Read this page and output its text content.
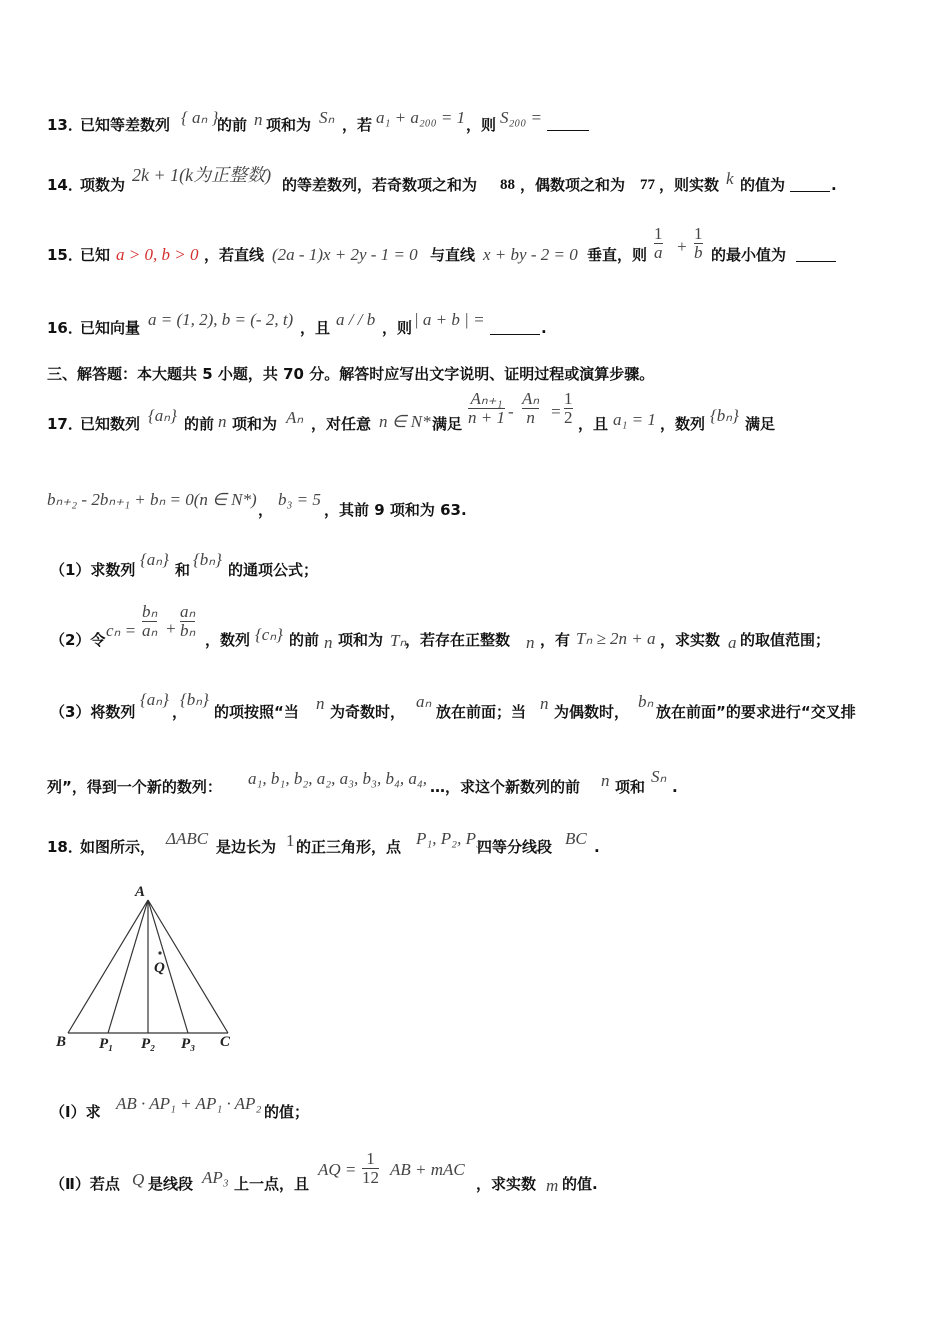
13．
已知等差数列 { aₙ }
的前 n 项和为 Sₙ ，若 a₁ + a₂₀₀ = 1 ，则 S₂₀₀ =
14．
项数为 2k + 1(k为正整数) 的等差数列，若奇数项之和为 88 ，偶数项之和为 77 ，则实数 k 的值为	.
15．
已知 a > 0, b > 0 ，若直线 (2a - 1)x + 2y - 1 = 0 与直线 x + by - 2 = 0 垂直，则 $\frac{1}{a} + \frac{1}{b}$ 的最小值为
16．
已知向量 a = (1, 2), b = (- 2, t) ，且 a / / b ，则 | a + b | =	.
三、解答题：本大题共 5 小题，共 70 分。解答时应写出文字说明、证明过程或演算步骤。
17．
已知数列 {aₙ} 的前 n 项和为 Aₙ ，对任意 n ∈ N* 满足 $\frac{\text{Aₙ₊₁}}{n + 1} - \frac{\text{Aₙ}}{n} = \frac{1}{2}$ ，且 a₁ = 1 ，数列 {bₙ} 满足
bₙ₊₂ - 2bₙ₊₁ + bₙ = 0(n ∈ N*)
，
b₃ = 5
，其前 9 项和为 63.
（1）求数列
{aₙ}
和
{bₙ}
的通项公式；
（2）令 $c_n = \frac{\text{bₙ}}{\text{aₙ}} + \frac{\text{aₙ}}{\text{bₙ}}$ ，数列 {cₙ} 的前 n 项和为 Tₙ
，若存在正整数 n ，有 Tₙ ≥ 2n + a ，求实数 a 的取值范围；
（3）将数列
{aₙ}
，
{bₙ}
的项按照“当 n 为奇数时，
aₙ
放在前面；当 n 为偶数时，
bₙ
放在前面”的要求进行“交叉排
列”，得到一个新的数列： a₁, b₁, b₂, a₂, a₃, b₃, b₄, a₄, …，求这个新数列的前 n 项和
Sₙ
.
18．
如图所示， ΔABC 是边长为 1 的正三角形，点 P₁, P₂, P₃
四等分线段 BC .
A
B	C
P₁ P₂ P₃
Q
（Ⅰ）求 AB · AP₁ + AP₁ · AP₂ 的值；
（Ⅱ）若点 Q 是线段 AP₃ 上一点，且
AQ = $\frac{1}{12}$ AB + mAC
，求实数 m 的值.
